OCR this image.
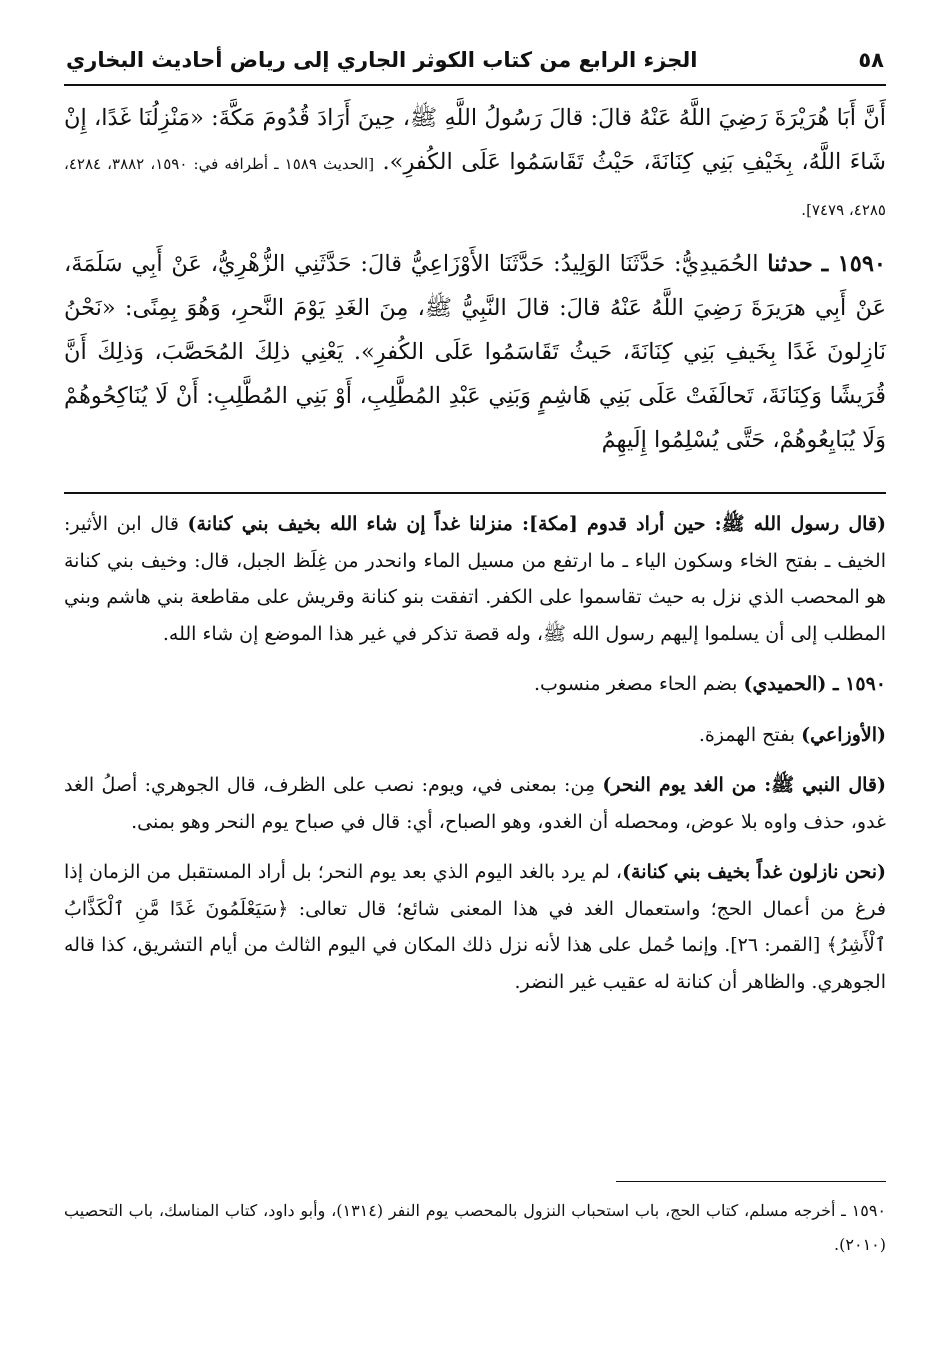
٥٨
الجزء الرابع من كتاب الكوثر الجاري إلى رياض أحاديث البخاري

أَنَّ أَبَا هُرَيْرَةَ رَضِيَ اللَّهُ عَنْهُ قالَ: قالَ رَسُولُ اللَّهِ ﷺ، حِينَ أَرَادَ قُدُومَ مَكَّةَ: «مَنْزِلُنَا غَدًا، إِنْ شَاءَ اللَّهُ، بِخَيْفِ بَنِي كِنَانَةَ، حَيْثُ تَقَاسَمُوا عَلَى الكُفرِ». [الحديث ١٥٨٩ ـ أطرافه في: ١٥٩٠، ٣٨٨٢، ٤٢٨٤، ٤٢٨٥، ٧٤٧٩].

١٥٩٠ ـ حدثنا الحُمَيدِيُّ: حَدَّثَنَا الوَلِيدُ: حَدَّثَنَا الأَوْزَاعِيُّ قالَ: حَدَّثَنِي الزُّهْرِيُّ، عَنْ أَبِي سَلَمَةَ، عَنْ أَبِي هرَيرَةَ رَضِيَ اللَّهُ عَنْهُ قالَ: قالَ النَّبِيُّ ﷺ، مِنَ الغَدِ يَوْمَ النَّحرِ، وَهُوَ بِمِنًى: «نَحْنُ نَازِلونَ غَدًا بِخَيفِ بَنِي كِنَانَةَ، حَيثُ تَقَاسَمُوا عَلَى الكُفرِ». يَعْنِي ذلِكَ المُحَصَّبَ، وَذلِكَ أَنَّ قُرَيشًا وَكِنَانَةَ، تَحالَفَتْ عَلَى بَنِي هَاشِمٍ وَبَنِي عَبْدِ المُطَّلِبِ، أَوْ بَنِي المُطَّلِبِ: أَنْ لَا يُنَاكِحُوهُمْ وَلَا يُبَايِعُوهُمْ، حَتَّى يُسْلِمُوا إِلَيهِمُ

(قال رسول الله ﷺ: حين أراد قدوم [مكة]: منزلنا غداً إن شاء الله بخيف بني كنانة) قال ابن الأثير: الخيف ـ بفتح الخاء وسكون الياء ـ ما ارتفع من مسيل الماء وانحدر من غِلَظ الجبل، قال: وخيف بني كنانة هو المحصب الذي نزل به حيث تقاسموا على الكفر. اتفقت بنو كنانة وقريش على مقاطعة بني هاشم وبني المطلب إلى أن يسلموا إليهم رسول الله ﷺ، وله قصة تذكر في غير هذا الموضع إن شاء الله.

١٥٩٠ ـ (الحميدي) بضم الحاء مصغر منسوب.

(الأوزاعي) بفتح الهمزة.

(قال النبي ﷺ: من الغد يوم النحر) مِن: بمعنى في، ويوم: نصب على الظرف، قال الجوهري: أصلُ الغد غدو، حذف واوه بلا عوض، ومحصله أن الغدو، وهو الصباح، أي: قال في صباح يوم النحر وهو بمنى.

(نحن نازلون غداً بخيف بني كنانة)، لم يرد بالغد اليوم الذي بعد يوم النحر؛ بل أراد المستقبل من الزمان إذا فرغ من أعمال الحج؛ واستعمال الغد في هذا المعنى شائع؛ قال تعالى: ﴿سَيَعْلَمُونَ غَدًا مَّنِ ٱلْكَذَّابُ ٱلْأَشِرُ﴾ [القمر: ٢٦]. وإنما حُمل على هذا لأنه نزل ذلك المكان في اليوم الثالث من أيام التشريق، كذا قاله الجوهري. والظاهر أن كنانة له عقيب غير النضر.

١٥٩٠ ـ أخرجه مسلم، كتاب الحج، باب استحباب النزول بالمحصب يوم النفر (١٣١٤)، وأبو داود، كتاب المناسك، باب التحصيب (٢٠١٠).
